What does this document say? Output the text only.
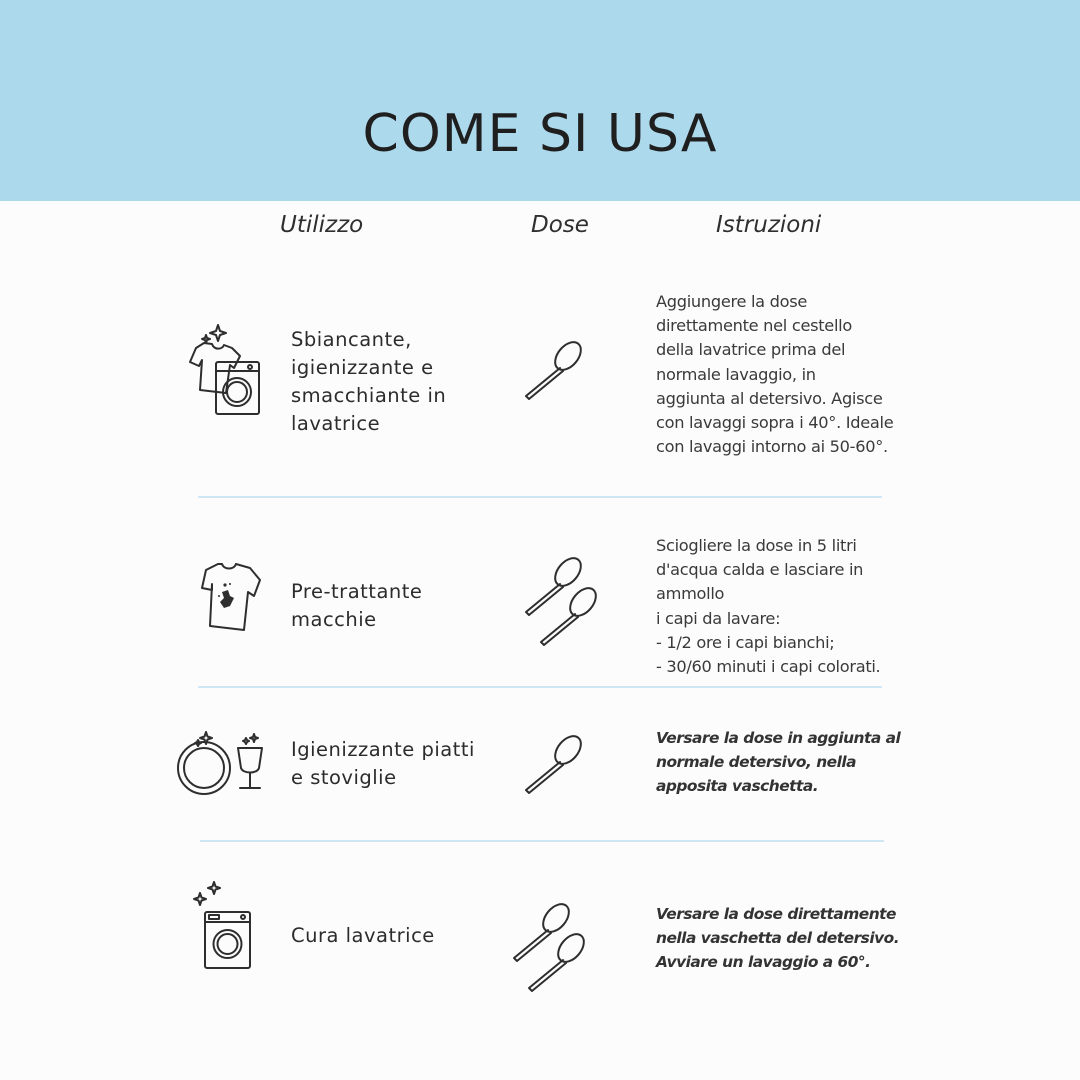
COME SI USA
Utilizzo	Dose	Istruzioni
Sbiancante,
igienizzante e
smacchiante in
lavatrice
Aggiungere la dose
direttamente nel cestello
della lavatrice prima del
normale lavaggio, in
aggiunta al detersivo. Agisce
con lavaggi sopra i 40°. Ideale
con lavaggi intorno ai 50-60°.
Pre-trattante
macchie
Sciogliere la dose in 5 litri
d'acqua calda e lasciare in
ammollo
i capi da lavare:
- 1/2 ore i capi bianchi;
- 30/60 minuti i capi colorati.
Igienizzante piatti
e stoviglie
Versare la dose in aggiunta al
normale detersivo, nella
apposita vaschetta.
Cura lavatrice
Versare la dose direttamente
nella vaschetta del detersivo.
Avviare un lavaggio a 60°.
